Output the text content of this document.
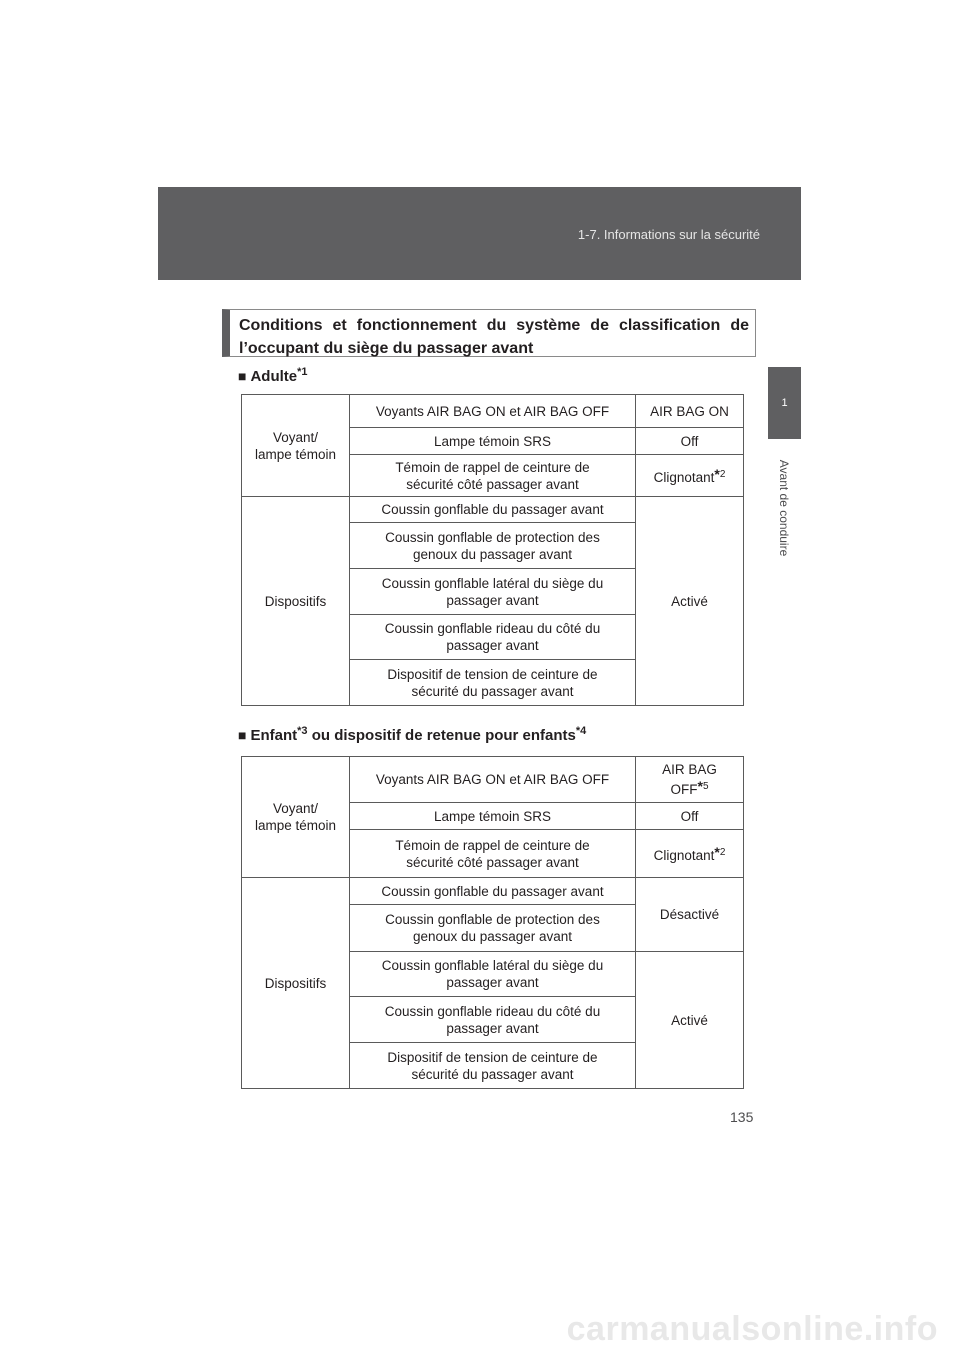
1-7. Informations sur la sécurité
1
Avant de conduire
Conditions et fonctionnement du système de classification de
l’occupant du siège du passager avant
■ Adulte$^{*1}$
Voyant/
lampe témoin	Voyants AIR BAG ON et AIR BAG OFF	AIR BAG ON
	Lampe témoin SRS	Off
	Témoin de rappel de ceinture de
sécurité côté passager avant	Clignotant*$^2$
Dispositifs	Coussin gonflable du passager avant	Activé
	Coussin gonflable de protection des
genoux du passager avant	
	Coussin gonflable latéral du siège du
passager avant	
	Coussin gonflable rideau du côté du
passager avant	
	Dispositif de tension de ceinture de
sécurité du passager avant	
■ Enfant$^{*3}$ ou dispositif de retenue pour enfants$^{*4}$
Voyant/
lampe témoin	Voyants AIR BAG ON et AIR BAG OFF	AIR BAG
OFF*$^5$
	Lampe témoin SRS	Off
	Témoin de rappel de ceinture de
sécurité côté passager avant	Clignotant*$^2$
Dispositifs	Coussin gonflable du passager avant	Désactivé
	Coussin gonflable de protection des
genoux du passager avant	
	Coussin gonflable latéral du siège du
passager avant	Activé
	Coussin gonflable rideau du côté du
passager avant	
	Dispositif de tension de ceinture de
sécurité du passager avant	
135
carmanualsonline.info
